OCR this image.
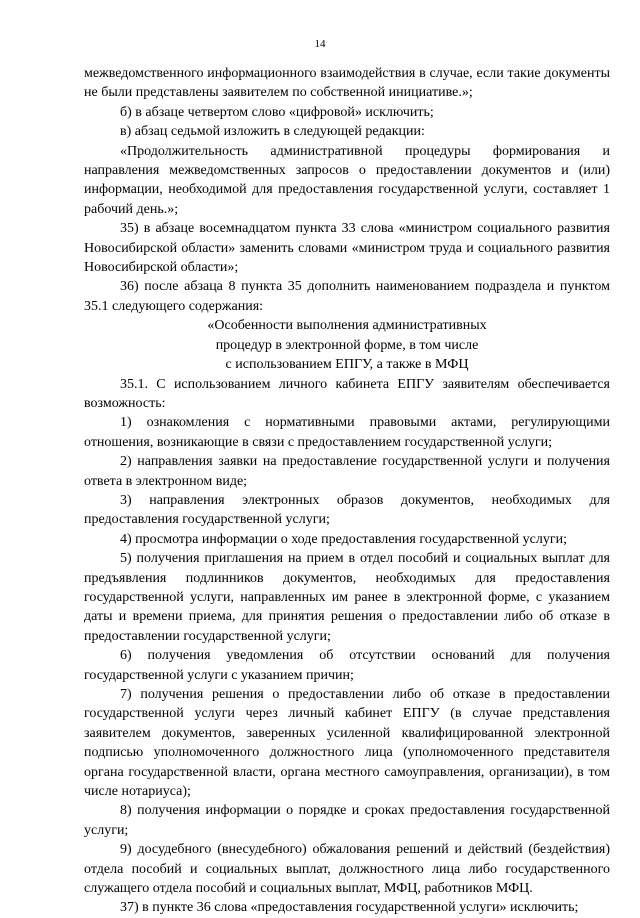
14

межведомственного информационного взаимодействия в случае, если такие документы не были представлены заявителем по собственной инициативе.»;

б) в абзаце четвертом слово «цифровой» исключить;

в) абзац седьмой изложить в следующей редакции:

«Продолжительность административной процедуры формирования и направления межведомственных запросов о предоставлении документов и (или) информации, необходимой для предоставления государственной услуги, составляет 1 рабочий день.»;

35) в абзаце восемнадцатом пункта 33 слова «министром социального развития Новосибирской области» заменить словами «министром труда и социального развития Новосибирской области»;

36) после абзаца 8 пункта 35 дополнить наименованием подраздела и пунктом 35.1 следующего содержания:

«Особенности выполнения административных
процедур в электронной форме, в том числе
с использованием ЕПГУ, а также в МФЦ

35.1. С использованием личного кабинета ЕПГУ заявителям обеспечивается возможность:

1) ознакомления с нормативными правовыми актами, регулирующими отношения, возникающие в связи с предоставлением государственной услуги;

2) направления заявки на предоставление государственной услуги и получения ответа в электронном виде;

3) направления электронных образов документов, необходимых для предоставления государственной услуги;

4) просмотра информации о ходе предоставления государственной услуги;

5) получения приглашения на прием в отдел пособий и социальных выплат для предъявления подлинников документов, необходимых для предоставления государственной услуги, направленных им ранее в электронной форме, с указанием даты и времени приема, для принятия решения о предоставлении либо об отказе в предоставлении государственной услуги;

6) получения уведомления об отсутствии оснований для получения государственной услуги с указанием причин;

7) получения решения о предоставлении либо об отказе в предоставлении государственной услуги через личный кабинет ЕПГУ (в случае представления заявителем документов, заверенных усиленной квалифицированной электронной подписью уполномоченного должностного лица (уполномоченного представителя органа государственной власти, органа местного самоуправления, организации), в том числе нотариуса);

8) получения информации о порядке и сроках предоставления государственной услуги;

9) досудебного (внесудебного) обжалования решений и действий (бездействия) отдела пособий и социальных выплат, должностного лица либо государственного служащего отдела пособий и социальных выплат, МФЦ, работников МФЦ.

37) в пункте 36 слова «предоставления государственной услуги» исключить;
